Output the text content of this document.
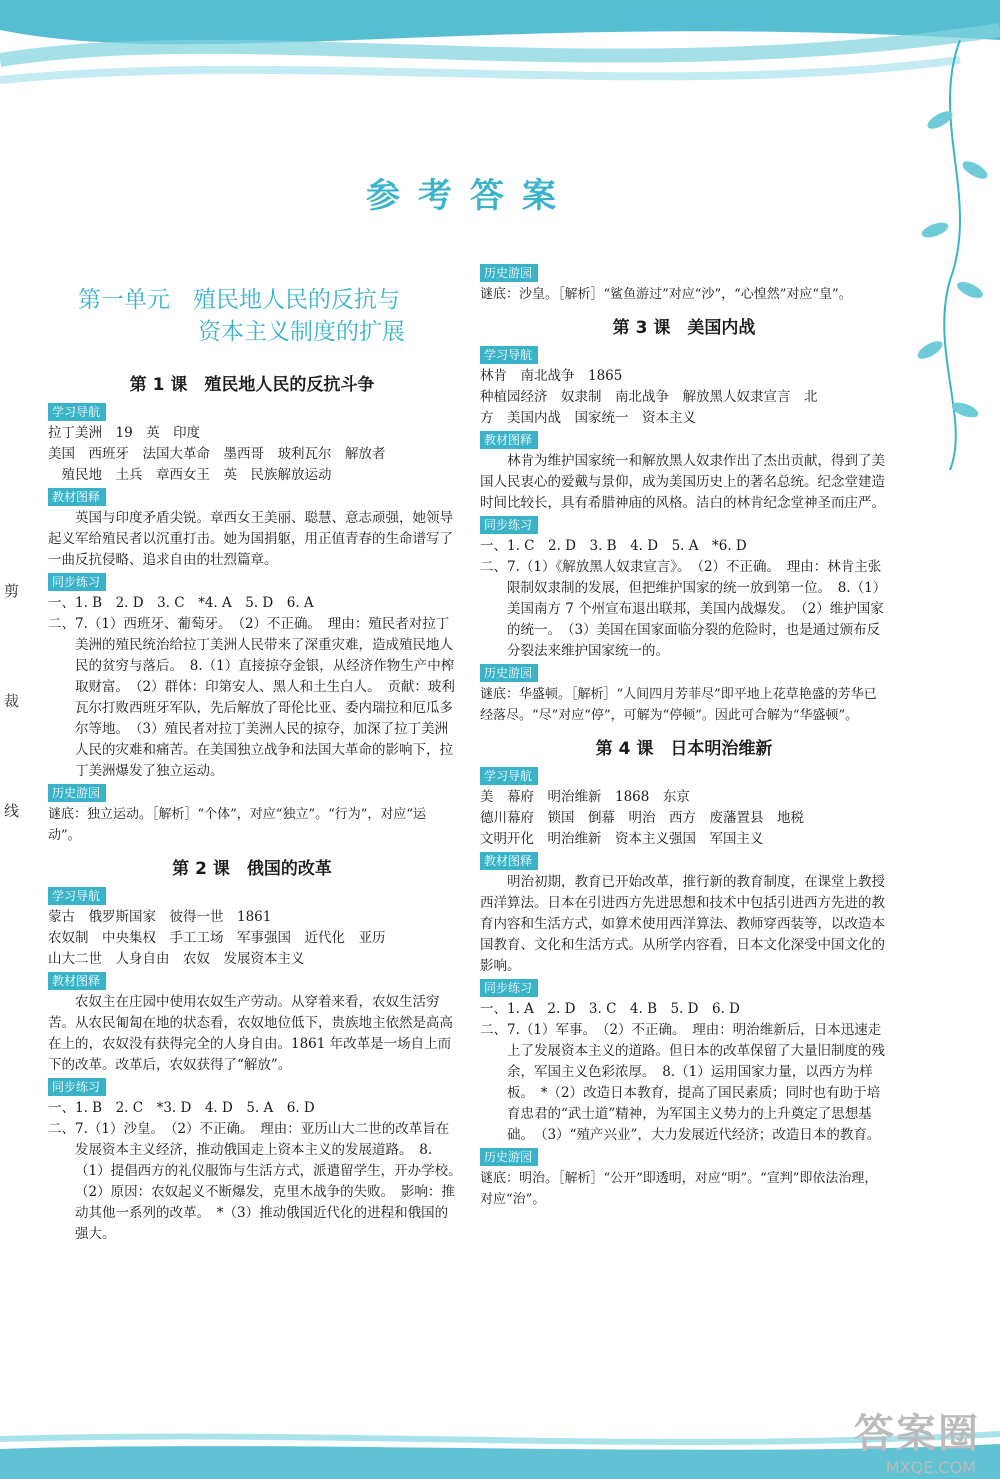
参考答案
剪
裁
线
第一单元　殖民地人民的反抗与
资本主义制度的扩展
第 1 课　殖民地人民的反抗斗争
学习导航
拉丁美洲　19　英　印度
美国　西班牙　法国大革命　墨西哥　玻利瓦尔　解放者
　殖民地　土兵　章西女王　英　民族解放运动
教材图释

英国与印度矛盾尖锐。章西女王美丽、聪慧、意志顽强，她领导起义军给殖民者以沉重打击。她为国捐躯，用正值青春的生命谱写了一曲反抗侵略、追求自由的壮烈篇章。

同步练习

一、1. B　2. D　3. C　*4. A　5. D　6. A

二、7.（1）西班牙、葡萄牙。　（2）不正确。　理由：殖民者对拉丁美洲的殖民统治给拉丁美洲人民带来了深重灾难，造成殖民地人民的贫穷与落后。　8.（1）直接掠夺金银，从经济作物生产中榨取财富。　（2）群体：印第安人、黑人和土生白人。　贡献：玻利瓦尔打败西班牙军队，先后解放了哥伦比亚、委内瑞拉和厄瓜多尔等地。　（3）殖民者对拉丁美洲人民的掠夺，加深了拉丁美洲人民的灾难和痛苦。在美国独立战争和法国大革命的影响下，拉丁美洲爆发了独立运动。

历史游园

谜底：独立运动。［解析］“个体”，对应“独立”。“行为”，对应“运动”。

第 2 课　俄国的改革
学习导航
蒙古　俄罗斯国家　彼得一世　1861
农奴制　中央集权　手工工场　军事强国　近代化　亚历
山大二世　人身自由　农奴　发展资本主义
教材图释

农奴主在庄园中使用农奴生产劳动。从穿着来看，农奴生活穷苦。从农民匍匐在地的状态看，农奴地位低下，贵族地主依然是高高在上的，农奴没有获得完全的人身自由。1861 年改革是一场自上而下的改革。改革后，农奴获得了“解放”。

同步练习

一、1. B　2. C　*3. D　4. D　5. A　6. D

二、7.（1）沙皇。　（2）不正确。　理由：亚历山大二世的改革旨在发展资本主义经济，推动俄国走上资本主义的发展道路。　8.（1）提倡西方的礼仪服饰与生活方式，派遣留学生，开办学校。　（2）原因：农奴起义不断爆发，克里木战争的失败。　影响：推动其他一系列的改革。　*（3）推动俄国近代化的进程和俄国的强大。

历史游园

谜底：沙皇。［解析］“鲨鱼游过”对应“沙”，“心惶然”对应“皇”。

第 3 课　美国内战
学习导航
林肯　南北战争　1865
种植园经济　奴隶制　南北战争　解放黑人奴隶宣言　北
方　美国内战　国家统一　资本主义
教材图释

林肯为维护国家统一和解放黑人奴隶作出了杰出贡献，得到了美国人民衷心的爱戴与景仰，成为美国历史上的著名总统。纪念堂建造时间比较长，具有希腊神庙的风格。洁白的林肯纪念堂神圣而庄严。

同步练习

一、1. C　2. D　3. B　4. D　5. A　*6. D

二、7.（1）《解放黑人奴隶宣言》。　（2）不正确。　理由：林肯主张限制奴隶制的发展，但把维护国家的统一放到第一位。　8.（1）美国南方 7 个州宣布退出联邦，美国内战爆发。　（2）维护国家的统一。　（3）美国在国家面临分裂的危险时，也是通过颁布反分裂法来维护国家统一的。

历史游园

谜底：华盛顿。［解析］“人间四月芳菲尽”即平地上花草艳盛的芳华已经落尽。“尽”对应“停”，可解为“停顿”。因此可合解为“华盛顿”。

第 4 课　日本明治维新
学习导航
美　幕府　明治维新　1868　东京
德川幕府　锁国　倒幕　明治　西方　废藩置县　地税
文明开化　明治维新　资本主义强国　军国主义
教材图释

明治初期，教育已开始改革，推行新的教育制度，在课堂上教授西洋算法。日本在引进西方先进思想和技术中包括引进西方先进的教育内容和生活方式，如算术使用西洋算法、教师穿西装等，以改造本国教育、文化和生活方式。从所学内容看，日本文化深受中国文化的影响。

同步练习

一、1. A　2. D　3. C　4. B　5. D　6. D

二、7.（1）军事。　（2）不正确。　理由：明治维新后，日本迅速走上了发展资本主义的道路。但日本的改革保留了大量旧制度的残余，军国主义色彩浓厚。　8.（1）运用国家力量，以西方为样板。　*（2）改造日本教育，提高了国民素质；同时也有助于培育忠君的“武士道”精神，为军国主义势力的上升奠定了思想基础。　（3）“殖产兴业”，大力发展近代经济；改造日本的教育。

历史游园

谜底：明治。［解析］“公开”即透明，对应“明”。“宣判”即依法治理，对应“治”。

答案圈
MXQE.COM
